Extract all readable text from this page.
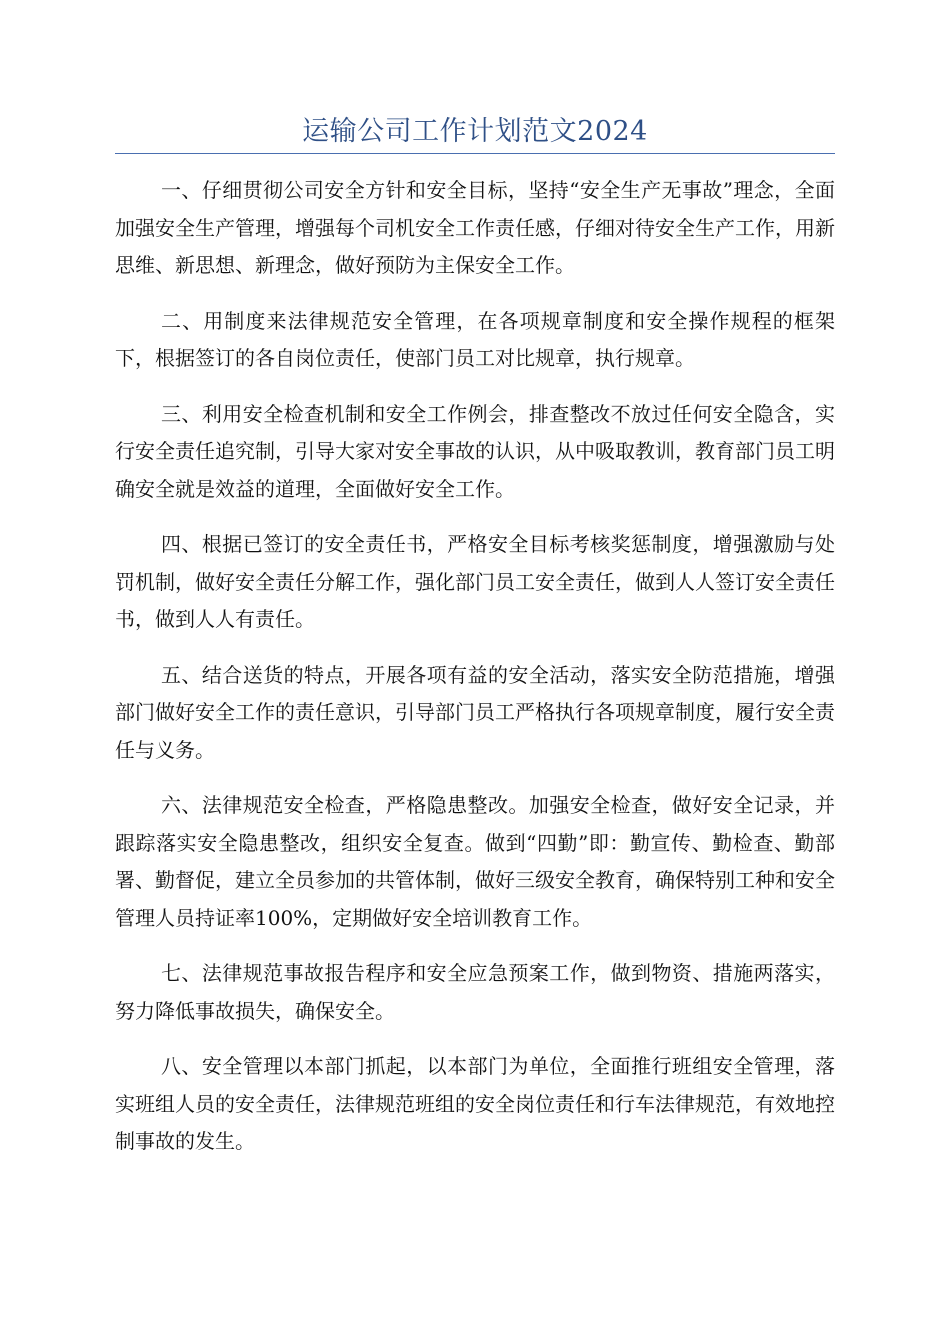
运输公司工作计划范文2024

一、仔细贯彻公司安全方针和安全目标，坚持“安全生产无事故”理念，全面加强安全生产管理，增强每个司机安全工作责任感，仔细对待安全生产工作，用新思维、新思想、新理念，做好预防为主保安全工作。

二、用制度来法律规范安全管理，在各项规章制度和安全操作规程的框架下，根据签订的各自岗位责任，使部门员工对比规章，执行规章。

三、利用安全检查机制和安全工作例会，排查整改不放过任何安全隐含，实行安全责任追究制，引导大家对安全事故的认识，从中吸取教训，教育部门员工明确安全就是效益的道理，全面做好安全工作。

四、根据已签订的安全责任书，严格安全目标考核奖惩制度，增强激励与处罚机制，做好安全责任分解工作，强化部门员工安全责任，做到人人签订安全责任书，做到人人有责任。

五、结合送货的特点，开展各项有益的安全活动，落实安全防范措施，增强部门做好安全工作的责任意识，引导部门员工严格执行各项规章制度，履行安全责任与义务。

六、法律规范安全检查，严格隐患整改。加强安全检查，做好安全记录，并跟踪落实安全隐患整改，组织安全复查。做到“四勤”即：勤宣传、勤检查、勤部署、勤督促，建立全员参加的共管体制，做好三级安全教育，确保特别工种和安全管理人员持证率100%，定期做好安全培训教育工作。

七、法律规范事故报告程序和安全应急预案工作，做到物资、措施两落实，努力降低事故损失，确保安全。

八、安全管理以本部门抓起，以本部门为单位，全面推行班组安全管理，落实班组人员的安全责任，法律规范班组的安全岗位责任和行车法律规范，有效地控制事故的发生。
